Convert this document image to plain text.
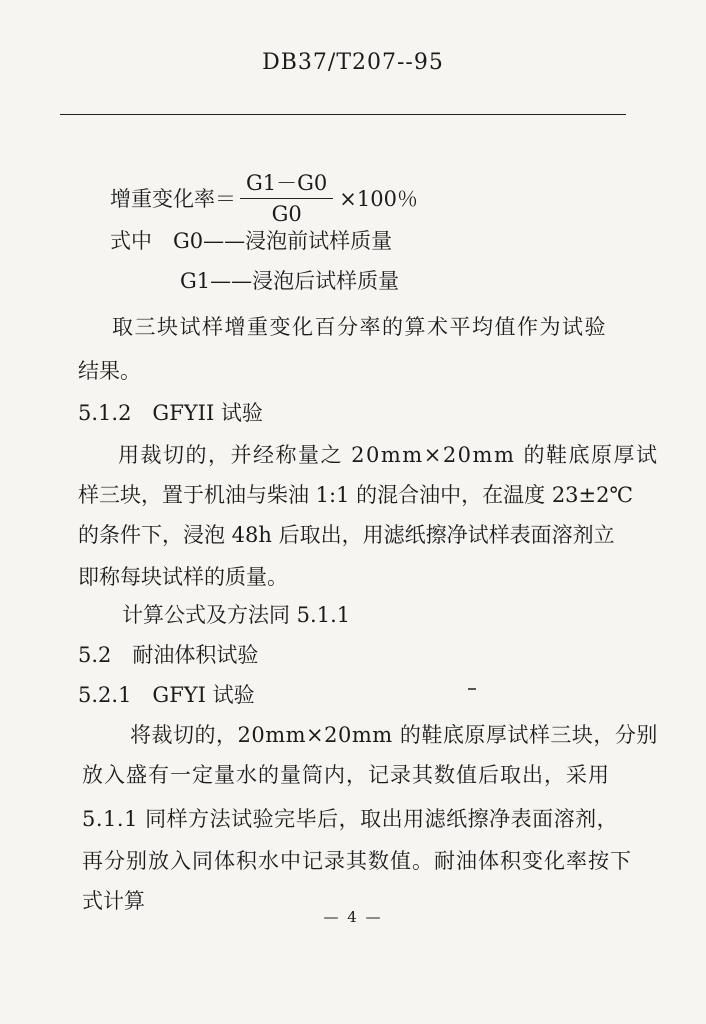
DB37/T207--95
增重变化率＝ $\frac{G1-G0}{G0} \times 100$％
式中　G0——浸泡前试样质量
G1——浸泡后试样质量
取三块试样增重变化百分率的算术平均值作为试验
结果。
5.1.2　GFYII 试验
用裁切的，并经称量之 20mm×20mm 的鞋底原厚试
样三块，置于机油与柴油 1:1 的混合油中，在温度 23±2℃
的条件下，浸泡 48h 后取出，用滤纸擦净试样表面溶剂立
即称每块试样的质量。
计算公式及方法同 5.1.1
5.2　耐油体积试验
5.2.1　GFYI 试验
将裁切的，20mm×20mm 的鞋底原厚试样三块，分别
放入盛有一定量水的量筒内，记录其数值后取出，采用
5.1.1 同样方法试验完毕后，取出用滤纸擦净表面溶剂，
再分别放入同体积水中记录其数值。耐油体积变化率按下
式计算
— 4 —
